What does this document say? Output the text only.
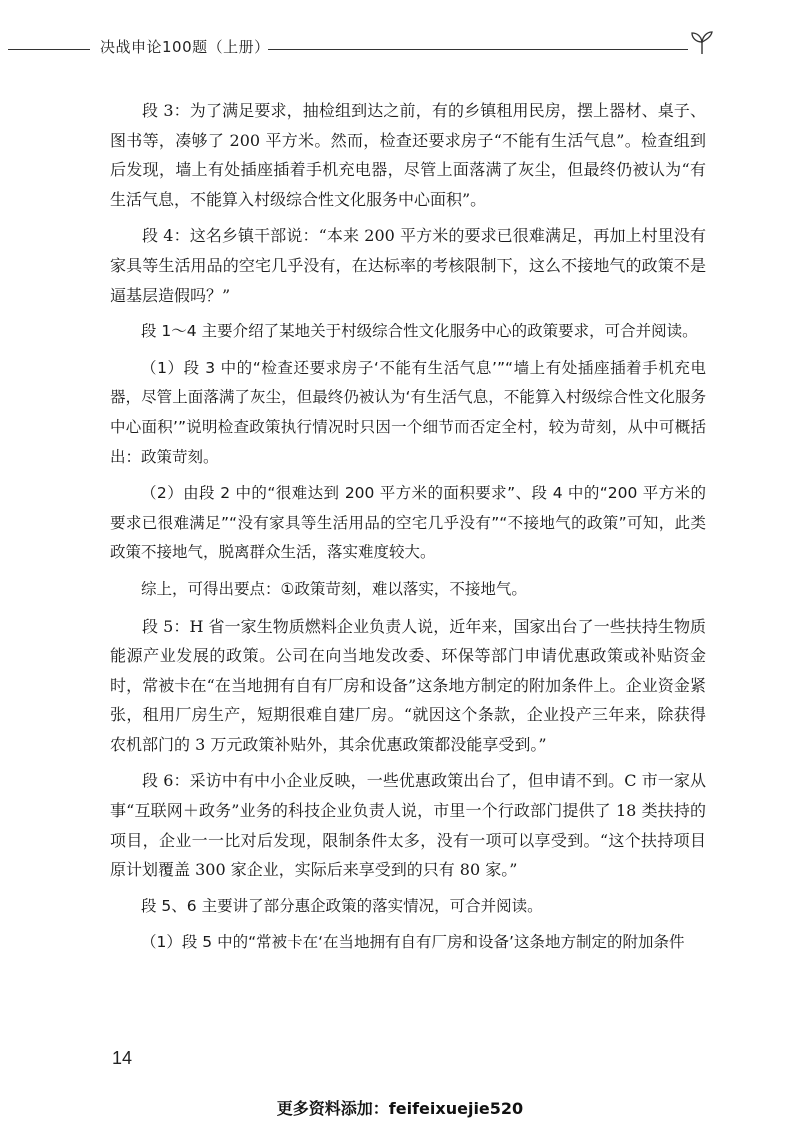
决战申论100题（上册）

段 3：为了满足要求，抽检组到达之前，有的乡镇租用民房，摆上器材、桌子、图书等，凑够了 200 平方米。然而，检查还要求房子“不能有生活气息”。检查组到后发现，墙上有处插座插着手机充电器，尽管上面落满了灰尘，但最终仍被认为“有生活气息，不能算入村级综合性文化服务中心面积”。

段 4：这名乡镇干部说：“本来 200 平方米的要求已很难满足，再加上村里没有家具等生活用品的空宅几乎没有，在达标率的考核限制下，这么不接地气的政策不是逼基层造假吗？”

段 1～4 主要介绍了某地关于村级综合性文化服务中心的政策要求，可合并阅读。

（1）段 3 中的“检查还要求房子‘不能有生活气息’”“墙上有处插座插着手机充电器，尽管上面落满了灰尘，但最终仍被认为‘有生活气息，不能算入村级综合性文化服务中心面积’”说明检查政策执行情况时只因一个细节而否定全村，较为苛刻，从中可概括出：政策苛刻。

（2）由段 2 中的“很难达到 200 平方米的面积要求”、段 4 中的“200 平方米的要求已很难满足”“没有家具等生活用品的空宅几乎没有”“不接地气的政策”可知，此类政策不接地气，脱离群众生活，落实难度较大。

综上，可得出要点：①政策苛刻，难以落实，不接地气。

段 5：H 省一家生物质燃料企业负责人说，近年来，国家出台了一些扶持生物质能源产业发展的政策。公司在向当地发改委、环保等部门申请优惠政策或补贴资金时，常被卡在“在当地拥有自有厂房和设备”这条地方制定的附加条件上。企业资金紧张，租用厂房生产，短期很难自建厂房。“就因这个条款，企业投产三年来，除获得农机部门的 3 万元政策补贴外，其余优惠政策都没能享受到。”

段 6：采访中有中小企业反映，一些优惠政策出台了，但申请不到。C 市一家从事“互联网＋政务”业务的科技企业负责人说，市里一个行政部门提供了 18 类扶持的项目，企业一一比对后发现，限制条件太多，没有一项可以享受到。“这个扶持项目原计划覆盖 300 家企业，实际后来享受到的只有 80 家。”

段 5、6 主要讲了部分惠企政策的落实情况，可合并阅读。

（1）段 5 中的“常被卡在‘在当地拥有自有厂房和设备’这条地方制定的附加条件

14
更多资料添加：feifeixuejie520
